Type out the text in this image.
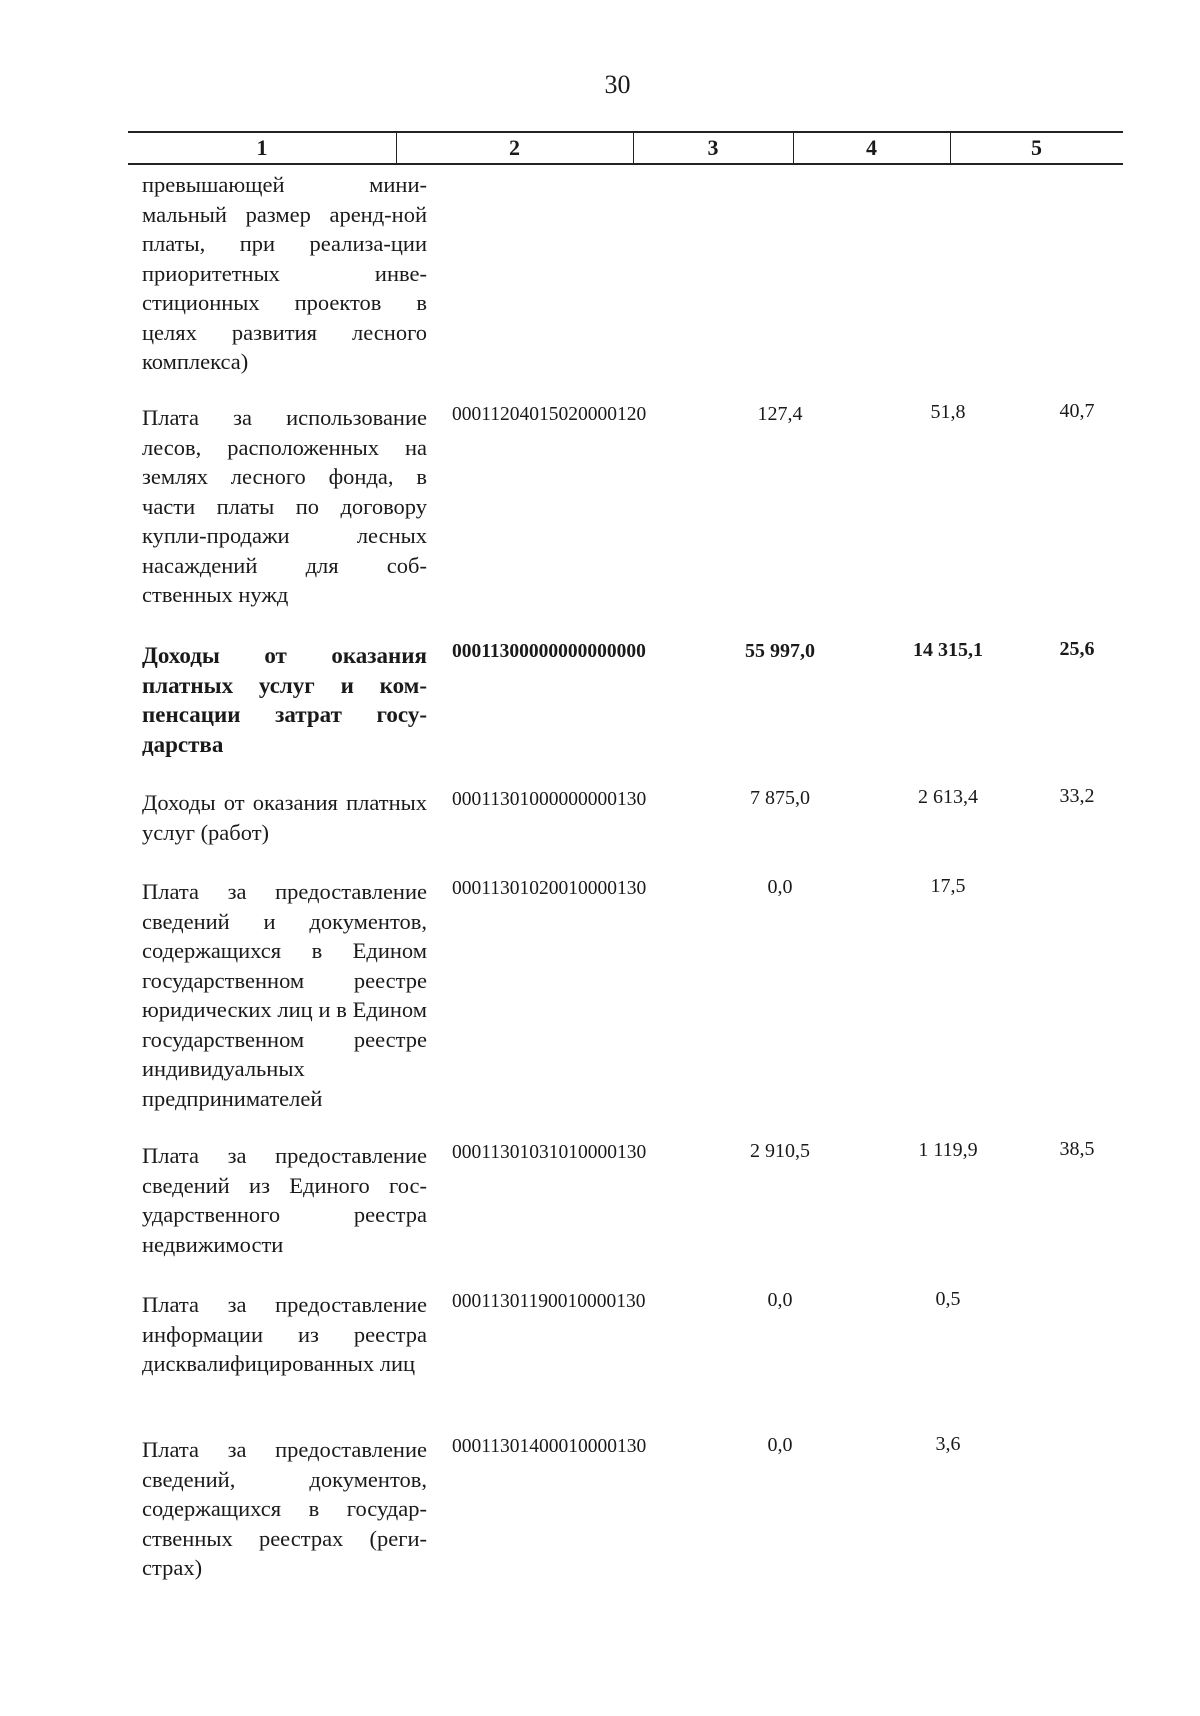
30
1	2	3	4	5
превышающей мини-мальный размер аренд-ной платы, при реализа-ции приоритетных инве-стиционных проектов в целях развития лесного комплекса)
Плата за использование лесов, расположенных на землях лесного фонда, в части платы по договору купли-продажи лесных насаждений для соб-ственных нужд
00011204015020000120	127,4	51,8	40,7
Доходы от оказания платных услуг и ком-пенсации затрат госу-дарства
00011300000000000000	55 997,0	14 315,1	25,6
Доходы от оказания платных услуг (работ)
00011301000000000130	7 875,0	2 613,4	33,2
Плата за предоставление сведений и документов, содержащихся в Едином государственном реестре юридических лиц и в Едином государственном реестре индивидуальных предпринимателей
00011301020010000130	0,0	17,5
Плата за предоставление сведений из Единого гос-ударственного реестра недвижимости
00011301031010000130	2 910,5	1 119,9	38,5
Плата за предоставление информации из реестра дисквалифицированных лиц
00011301190010000130	0,0	0,5
Плата за предоставление сведений, документов, содержащихся в государ-ственных реестрах (реги-страх)
00011301400010000130	0,0	3,6
